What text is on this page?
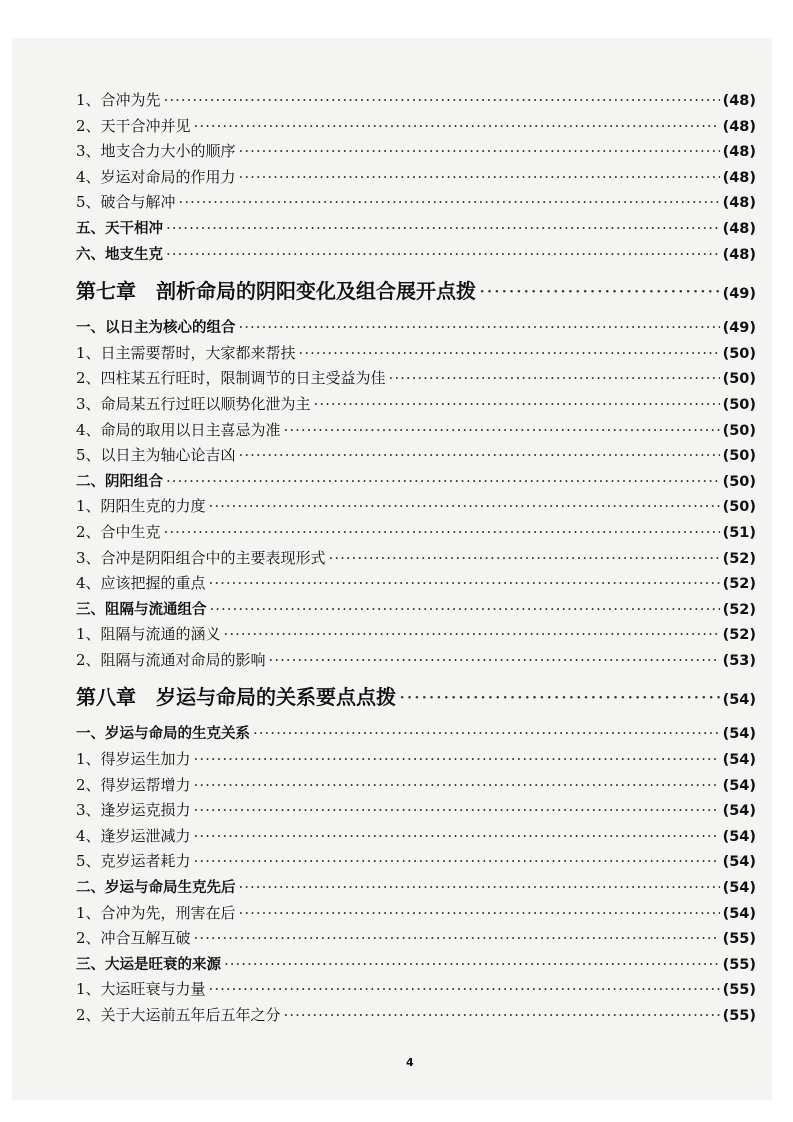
1、合冲为先 ·····	(48)
2、天干合冲并见 ·····	(48)
3、地支合力大小的顺序 ·····	(48)
4、岁运对命局的作用力 ·····	(48)
5、破合与解冲 ·····	(48)
五、天干相冲 ·····	(48)
六、地支生克 ·····	(48)
第七章　剖析命局的阴阳变化及组合展开点拨 ·····	(49)
一、以日主为核心的组合 ·····	(49)
1、日主需要帮时，大家都来帮扶 ·····	(50)
2、四柱某五行旺时，限制调节的日主受益为佳 ·····	(50)
3、命局某五行过旺以顺势化泄为主 ·····	(50)
4、命局的取用以日主喜忌为准 ·····	(50)
5、以日主为轴心论吉凶 ·····	(50)
二、阴阳组合 ·····	(50)
1、阴阳生克的力度 ·····	(50)
2、合中生克 ·····	(51)
3、合冲是阴阳组合中的主要表现形式 ·····	(52)
4、应该把握的重点 ·····	(52)
三、阻隔与流通组合 ·····	(52)
1、阻隔与流通的涵义 ·····	(52)
2、阻隔与流通对命局的影响 ·····	(53)
第八章　岁运与命局的关系要点点拨 ·····	(54)
一、岁运与命局的生克关系 ·····	(54)
1、得岁运生加力 ·····	(54)
2、得岁运帮增力 ·····	(54)
3、逢岁运克损力 ·····	(54)
4、逢岁运泄减力 ·····	(54)
5、克岁运者耗力 ·····	(54)
二、岁运与命局生克先后 ·····	(54)
1、合冲为先，刑害在后 ·····	(54)
2、冲合互解互破 ·····	(55)
三、大运是旺衰的来源 ·····	(55)
1、大运旺衰与力量 ·····	(55)
2、关于大运前五年后五年之分 ·····	(55)
4
